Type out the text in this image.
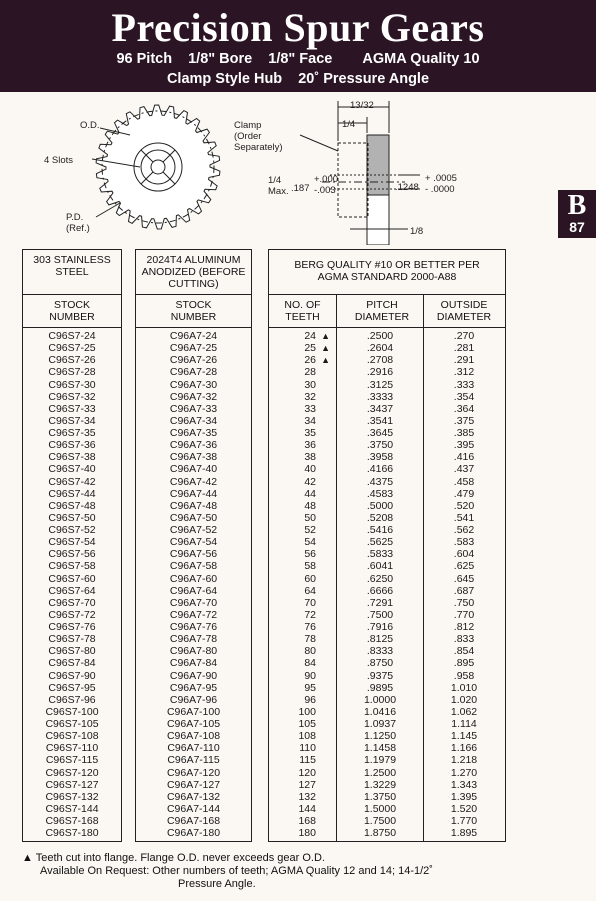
Precision Spur Gears
96 Pitch 1/8" Bore 1/8" Face AGMA Quality 10
Clamp Style Hub 20˚ Pressure Angle
B
87
O.D.
4 Slots
P.D.
(Ref.)
Clamp
(Order
Separately)
13/32
1/4
1/4
Max. .187
+.000
-.003	.1248
+ .0005
- .0000
1/8
303 STAINLESS STEEL
STOCK NUMBER
C96S7-24
C96S7-25
C96S7-26
C96S7-28
C96S7-30
C96S7-32
C96S7-33
C96S7-34
C96S7-35
C96S7-36
C96S7-38
C96S7-40
C96S7-42
C96S7-44
C96S7-48
C96S7-50
C96S7-52
C96S7-54
C96S7-56
C96S7-58
C96S7-60
C96S7-64
C96S7-70
C96S7-72
C96S7-76
C96S7-78
C96S7-80
C96S7-84
C96S7-90
C96S7-95
C96S7-96
C96S7-100
C96S7-105
C96S7-108
C96S7-110
C96S7-115
C96S7-120
C96S7-127
C96S7-132
C96S7-144
C96S7-168
C96S7-180
2024T4 ALUMINUM ANODIZED (BEFORE CUTTING)
STOCK NUMBER
C96A7-24
C96A7-25
C96A7-26
C96A7-28
C96A7-30
C96A7-32
C96A7-33
C96A7-34
C96A7-35
C96A7-36
C96A7-38
C96A7-40
C96A7-42
C96A7-44
C96A7-48
C96A7-50
C96A7-52
C96A7-54
C96A7-56
C96A7-58
C96A7-60
C96A7-64
C96A7-70
C96A7-72
C96A7-76
C96A7-78
C96A7-80
C96A7-84
C96A7-90
C96A7-95
C96A7-96
C96A7-100
C96A7-105
C96A7-108
C96A7-110
C96A7-115
C96A7-120
C96A7-127
C96A7-132
C96A7-144
C96A7-168
C96A7-180
BERG QUALITY #10 OR BETTER PER AGMA STANDARD 2000-A88
NO. OF TEETH
PITCH DIAMETER
OUTSIDE DIAMETER
24 ▲
25 ▲
26 ▲
28
30
32
33
34
35
36
38
40
42
44
48
50
52
54
56
58
60
64
70
72
76
78
80
84
90
95
96
100
105
108
110
115
120
127
132
144
168
180
.2500
.2604
.2708
.2916
.3125
.3333
.3437
.3541
.3645
.3750
.3958
.4166
.4375
.4583
.5000
.5208
.5416
.5625
.5833
.6041
.6250
.6666
.7291
.7500
.7916
.8125
.8333
.8750
.9375
.9895
1.0000
1.0416
1.0937
1.1250
1.1458
1.1979
1.2500
1.3229
1.3750
1.5000
1.7500
1.8750
.270
.281
.291
.312
.333
.354
.364
.375
.385
.395
.416
.437
.458
.479
.520
.541
.562
.583
.604
.625
.645
.687
.750
.770
.812
.833
.854
.895
.958
1.010
1.020
1.062
1.114
1.145
1.166
1.218
1.270
1.343
1.395
1.520
1.770
1.895

▲ Teeth cut into flange. Flange O.D. never exceeds gear O.D.

Available On Request: Other numbers of teeth; AGMA Quality 12 and 14; 14-1/2˚

Pressure Angle.
